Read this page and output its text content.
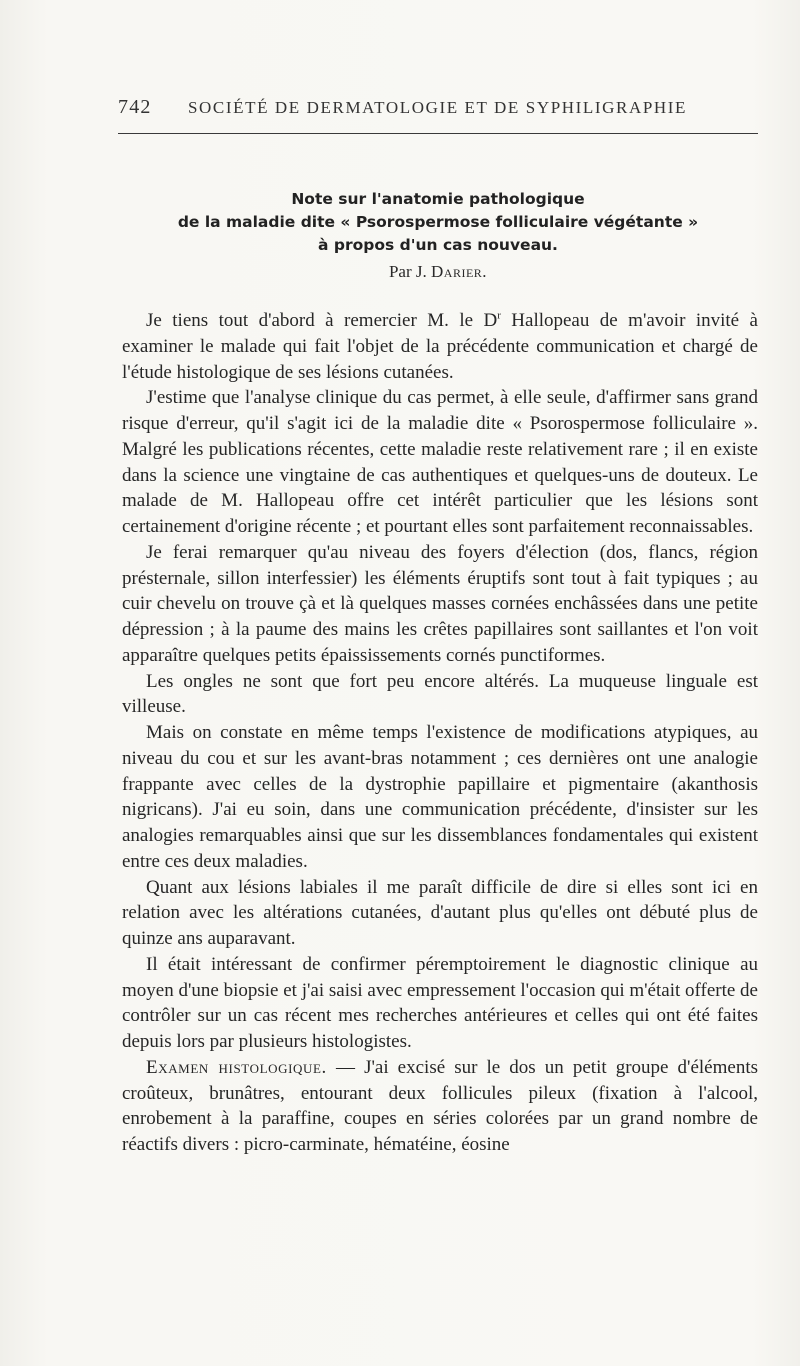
742 SOCIÉTÉ DE DERMATOLOGIE ET DE SYPHILIGRAPHIE
Note sur l'anatomie pathologique
de la maladie dite « Psorospermose folliculaire végétante »
à propos d'un cas nouveau.
Par J. Darier.

Je tiens tout d'abord à remercier M. le $D^r$ Hallopeau de m'avoir invité à examiner le malade qui fait l'objet de la précédente communication et chargé de l'étude histologique de ses lésions cutanées.

J'estime que l'analyse clinique du cas permet, à elle seule, d'affirmer sans grand risque d'erreur, qu'il s'agit ici de la maladie dite « Psorospermose folliculaire ». Malgré les publications récentes, cette maladie reste relativement rare ; il en existe dans la science une vingtaine de cas authentiques et quelques-uns de douteux. Le malade de M. Hallopeau offre cet intérêt particulier que les lésions sont certainement d'origine récente ; et pourtant elles sont parfaitement reconnaissables.

Je ferai remarquer qu'au niveau des foyers d'élection (dos, flancs, région présternale, sillon interfessier) les éléments éruptifs sont tout à fait typiques ; au cuir chevelu on trouve çà et là quelques masses cornées enchâssées dans une petite dépression ; à la paume des mains les crêtes papillaires sont saillantes et l'on voit apparaître quelques petits épaississements cornés punctiformes.

Les ongles ne sont que fort peu encore altérés. La muqueuse linguale est villeuse.

Mais on constate en même temps l'existence de modifications atypiques, au niveau du cou et sur les avant-bras notamment ; ces dernières ont une analogie frappante avec celles de la dystrophie papillaire et pigmentaire (akanthosis nigricans). J'ai eu soin, dans une communication précédente, d'insister sur les analogies remarquables ainsi que sur les dissemblances fondamentales qui existent entre ces deux maladies.

Quant aux lésions labiales il me paraît difficile de dire si elles sont ici en relation avec les altérations cutanées, d'autant plus qu'elles ont débuté plus de quinze ans auparavant.

Il était intéressant de confirmer péremptoirement le diagnostic clinique au moyen d'une biopsie et j'ai saisi avec empressement l'occasion qui m'était offerte de contrôler sur un cas récent mes recherches antérieures et celles qui ont été faites depuis lors par plusieurs histologistes.

Examen histologique. — J'ai excisé sur le dos un petit groupe d'éléments croûteux, brunâtres, entourant deux follicules pileux (fixation à l'alcool, enrobement à la paraffine, coupes en séries colorées par un grand nombre de réactifs divers : picro-carminate, hématéine, éosine
